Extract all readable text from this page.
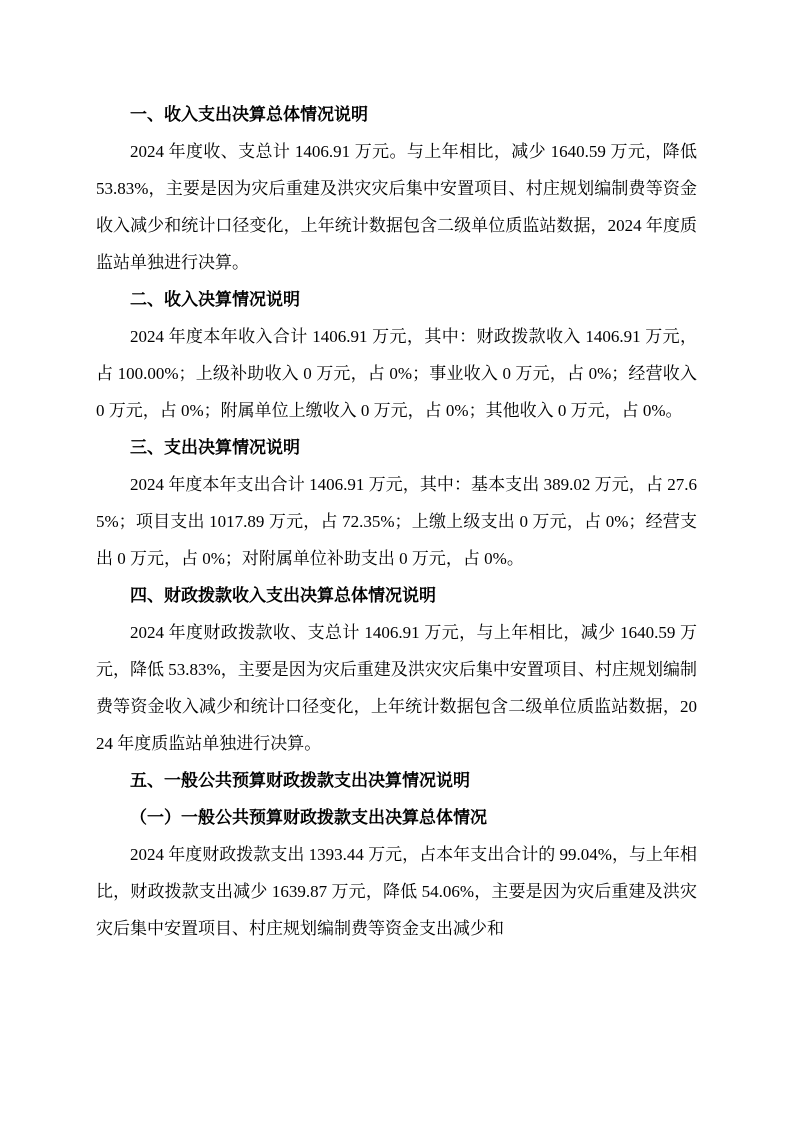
一、收入支出决算总体情况说明
2024 年度收、支总计 1406.91 万元。与上年相比，减少 1640.59 万元，降低 53.83%，主要是因为灾后重建及洪灾灾后集中安置项目、村庄规划编制费等资金收入减少和统计口径变化，上年统计数据包含二级单位质监站数据，2024 年度质监站单独进行决算。
二、收入决算情况说明
2024 年度本年收入合计 1406.91 万元，其中：财政拨款收入 1406.91 万元，占 100.00%；上级补助收入 0 万元，占 0%；事业收入 0 万元，占 0%；经营收入 0 万元，占 0%；附属单位上缴收入 0 万元，占 0%；其他收入 0 万元，占 0%。
三、支出决算情况说明
2024 年度本年支出合计 1406.91 万元，其中：基本支出 389.02 万元，占 27.65%；项目支出 1017.89 万元，占 72.35%；上缴上级支出 0 万元，占 0%；经营支出 0 万元，占 0%；对附属单位补助支出 0 万元，占 0%。
四、财政拨款收入支出决算总体情况说明
2024 年度财政拨款收、支总计 1406.91 万元，与上年相比，减少 1640.59 万元，降低 53.83%，主要是因为灾后重建及洪灾灾后集中安置项目、村庄规划编制费等资金收入减少和统计口径变化，上年统计数据包含二级单位质监站数据，2024 年度质监站单独进行决算。
五、一般公共预算财政拨款支出决算情况说明
（一）一般公共预算财政拨款支出决算总体情况
2024 年度财政拨款支出 1393.44 万元，占本年支出合计的 99.04%，与上年相比，财政拨款支出减少 1639.87 万元，降低 54.06%，主要是因为灾后重建及洪灾灾后集中安置项目、村庄规划编制费等资金支出减少和
